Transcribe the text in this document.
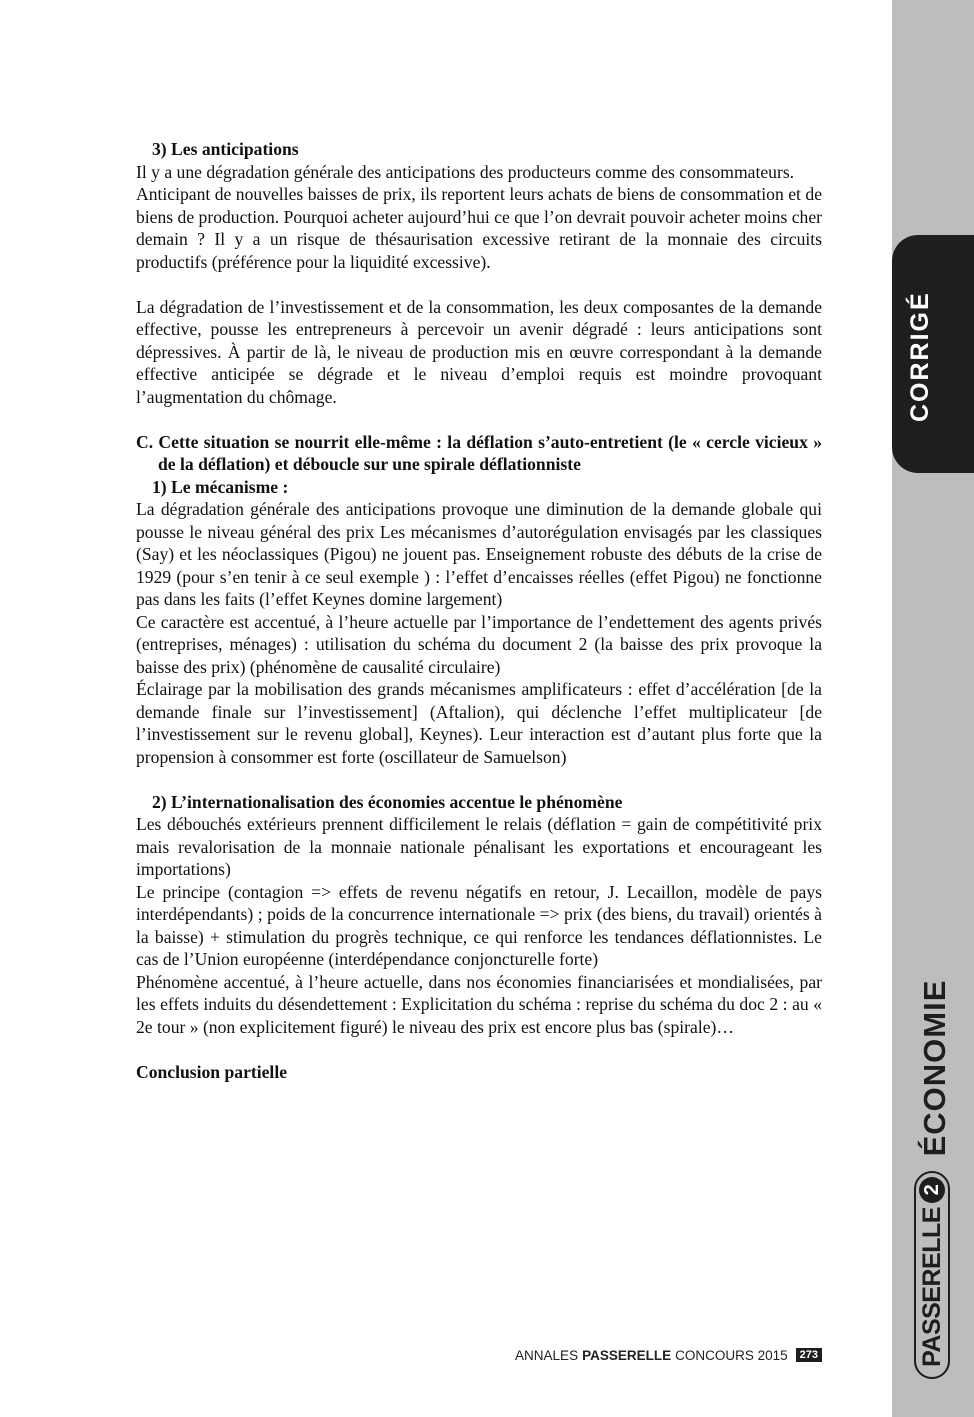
3) Les anticipations

Il y a une dégradation générale des anticipations des producteurs comme des consommateurs.

Anticipant de nouvelles baisses de prix, ils reportent leurs achats de biens de consommation et de biens de production. Pourquoi acheter aujourd’hui ce que l’on devrait pouvoir acheter moins cher demain ? Il y a un risque de thésaurisation excessive retirant de la monnaie des circuits productifs (préférence pour la liquidité excessive).

La dégradation de l’investissement et de la consommation, les deux composantes de la demande effective, pousse les entrepreneurs à percevoir un avenir dégradé : leurs anticipations sont dépressives. À partir de là, le niveau de production mis en œuvre correspondant à la demande effective anticipée se dégrade et le niveau d’emploi requis est moindre provoquant l’augmentation du chômage.

C. Cette situation se nourrit elle-même : la déflation s’auto-entretient (le « cercle vicieux » de la déflation) et déboucle sur une spirale déflationniste

1) Le mécanisme :

La dégradation générale des anticipations provoque une diminution de la demande globale qui pousse le niveau général des prix Les mécanismes d’autorégulation envisagés par les classiques (Say) et les néoclassiques (Pigou) ne jouent pas. Enseignement robuste des débuts de la crise de 1929 (pour s’en tenir à ce seul exemple ) : l’effet d’encaisses réelles (effet Pigou) ne fonctionne pas dans les faits (l’effet Keynes domine largement)

Ce caractère est accentué, à l’heure actuelle par l’importance de l’endettement des agents privés (entreprises, ménages) : utilisation du schéma du document 2 (la baisse des prix provoque la baisse des prix) (phénomène de causalité circulaire)

Éclairage par la mobilisation des grands mécanismes amplificateurs : effet d’accélération [de la demande finale sur l’investissement] (Aftalion), qui déclenche l’effet multiplicateur [de l’investissement sur le revenu global], Keynes). Leur interaction est d’autant plus forte que la propension à consommer est forte (oscillateur de Samuelson)

2) L’internationalisation des économies accentue le phénomène

Les débouchés extérieurs prennent difficilement le relais (déflation = gain de compétitivité prix mais revalorisation de la monnaie nationale pénalisant les exportations et encourageant les importations)

Le principe (contagion => effets de revenu négatifs en retour, J. Lecaillon, modèle de pays interdépendants) ; poids de la concurrence internationale => prix (des biens, du travail) orientés à la baisse) + stimulation du progrès technique, ce qui renforce les tendances déflationnistes. Le cas de l’Union européenne (interdépendance conjoncturelle forte)

Phénomène accentué, à l’heure actuelle, dans nos économies financiarisées et mondialisées, par les effets induits du désendettement : Explicitation du schéma : reprise du schéma du doc 2 : au « 2e tour » (non explicitement figuré) le niveau des prix est encore plus bas (spirale)…

Conclusion partielle

CORRIGÉ
ÉCONOMIE
PASSERELLE
2
ANNALES PASSERELLE CONCOURS 2015	273
